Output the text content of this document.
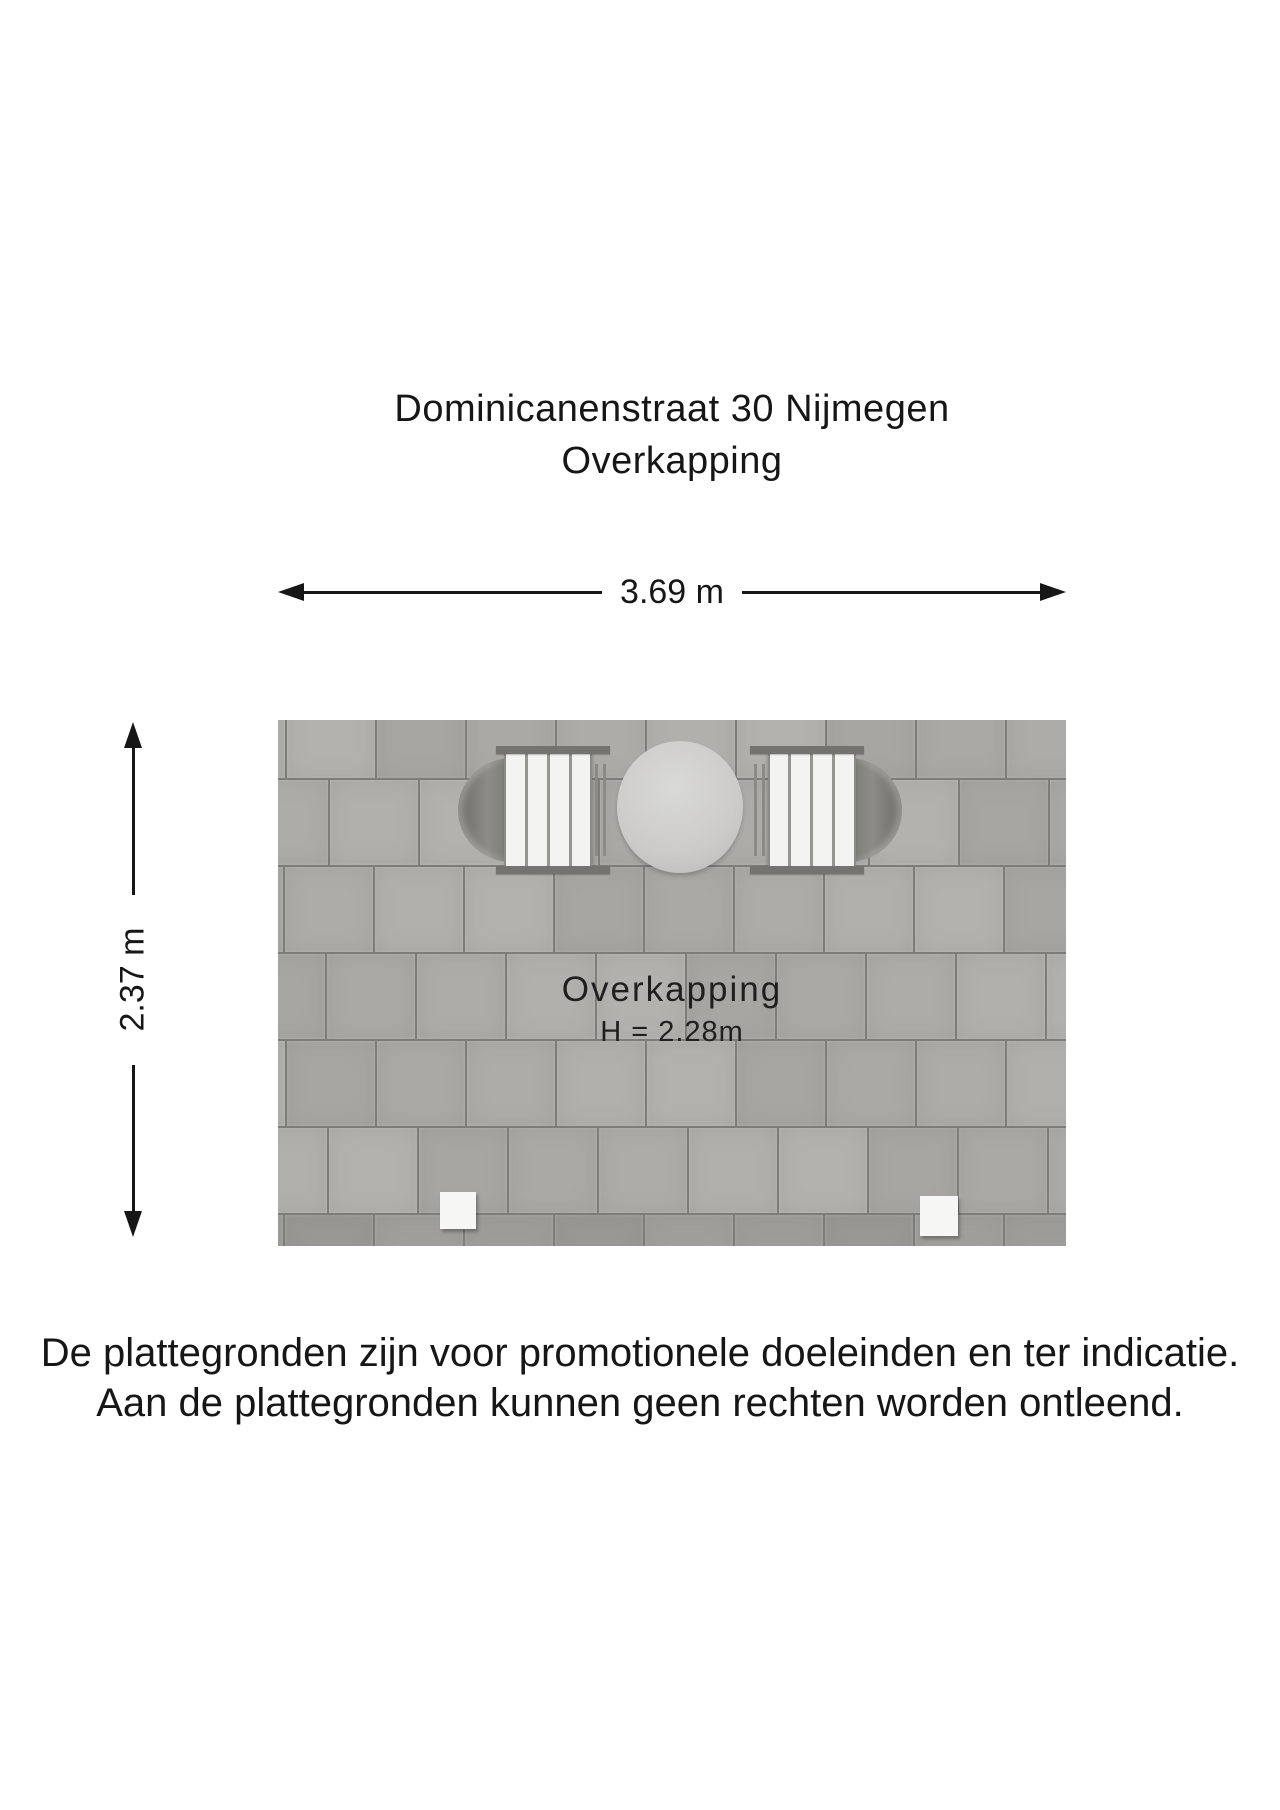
Dominicanenstraat 30 Nijmegen
Overkapping
3.69 m
2.37 m	Overkapping
H = 2.28m
De plattegronden zijn voor promotionele doeleinden en ter indicatie.
Aan de plattegronden kunnen geen rechten worden ontleend.
